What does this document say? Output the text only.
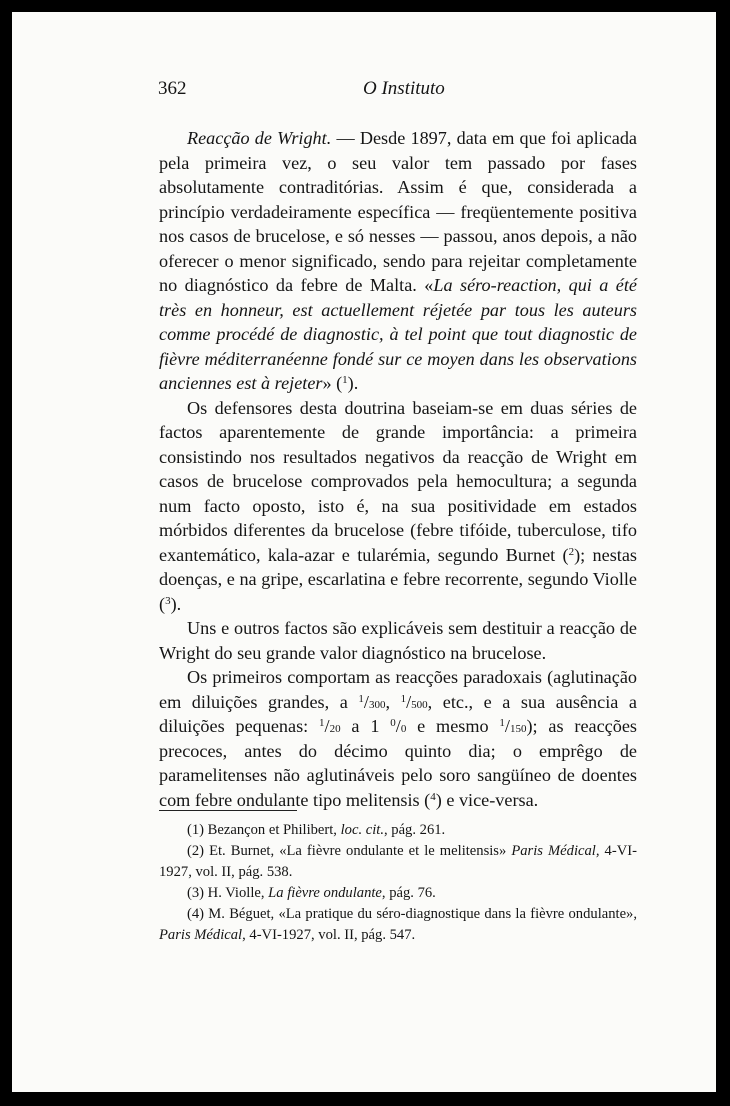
362	O Instituto

Reacção de Wright. — Desde 1897, data em que foi aplicada pela primeira vez, o seu valor tem passado por fases absolutamente contraditórias. Assim é que, considerada a princípio verdadeiramente específica — freqüentemente positiva nos casos de brucelose, e só nesses — passou, anos depois, a não oferecer o menor significado, sendo para rejeitar completamente no diagnóstico da febre de Malta. «La séro-reaction, qui a été très en honneur, est actuellement réjetée par tous les auteurs comme procédé de diagnostic, à tel point que tout diagnostic de fièvre méditerranéenne fondé sur ce moyen dans les observations anciennes est à rejeter» ($^1$).

Os defensores desta doutrina baseiam-se em duas séries de factos aparentemente de grande importância: a primeira consistindo nos resultados negativos da reacção de Wright em casos de brucelose comprovados pela hemocultura; a segunda num facto oposto, isto é, na sua positividade em estados mórbidos diferentes da brucelose (febre tifóide, tuberculose, tifo exantemático, kala-azar e tularémia, segundo Burnet ($^2$); nestas doenças, e na gripe, escarlatina e febre recorrente, segundo Violle ($^3$).

Uns e outros factos são explicáveis sem destituir a reacção de Wright do seu grande valor diagnóstico na brucelose.

Os primeiros comportam as reacções paradoxais (aglutinação em diluições grandes, a $^1$/300, $^1$/500, etc., e a sua ausência a diluições pequenas: $^1$/20 a 1 $^0$/0 e mesmo $^1$/150); as reacções precoces, antes do décimo quinto dia; o emprêgo de paramelitenses não aglutináveis pelo soro sangüíneo de doentes com febre ondulante tipo melitensis ($^4$) e vice-versa.

(1) Bezançon et Philibert, loc. cit., pág. 261.

(2) Et. Burnet, «La fièvre ondulante et le melitensis» Paris Médical, 4-VI-1927, vol. II, pág. 538.

(3) H. Violle, La fièvre ondulante, pág. 76.

(4) M. Béguet, «La pratique du séro-diagnostique dans la fièvre ondulante», Paris Médical, 4-VI-1927, vol. II, pág. 547.
